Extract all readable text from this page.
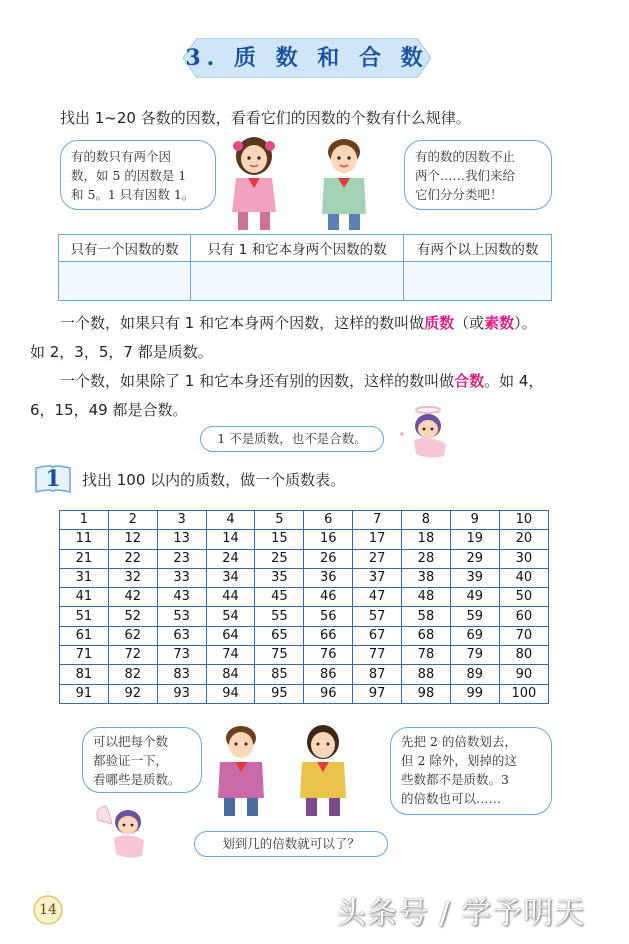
3. 质 数 和 合 数
找出 1~20 各数的因数，看看它们的因数的个数有什么规律。
有的数只有两个因
数，如 5 的因数是 1
和 5。1 只有因数 1。
有的数的因数不止
两个……我们来给
它们分分类吧！
只有一个因数的数	只有 1 和它本身两个因数的数	有两个以上因数的数

一个数，如果只有 1 和它本身两个因数，这样的数叫做质数（或素数）。
如 2，3，5，7 都是质数。
一个数，如果除了 1 和它本身还有别的因数，这样的数叫做合数。如 4，
6，15，49 都是合数。
1 不是质数，也不是合数。
1	找出 100 以内的质数，做一个质数表。
1	2	3	4	5	6	7	8	9	10
11	12	13	14	15	16	17	18	19	20
21	22	23	24	25	26	27	28	29	30
31	32	33	34	35	36	37	38	39	40
41	42	43	44	45	46	47	48	49	50
51	52	53	54	55	56	57	58	59	60
61	62	63	64	65	66	67	68	69	70
71	72	73	74	75	76	77	78	79	80
81	82	83	84	85	86	87	88	89	90
91	92	93	94	95	96	97	98	99	100
可以把每个数
都验证一下，
看哪些是质数。
先把 2 的倍数划去，
但 2 除外，划掉的这
些数都不是质数。3
的倍数也可以……
划到几的倍数就可以了？
14	头条号 / 学予明天
